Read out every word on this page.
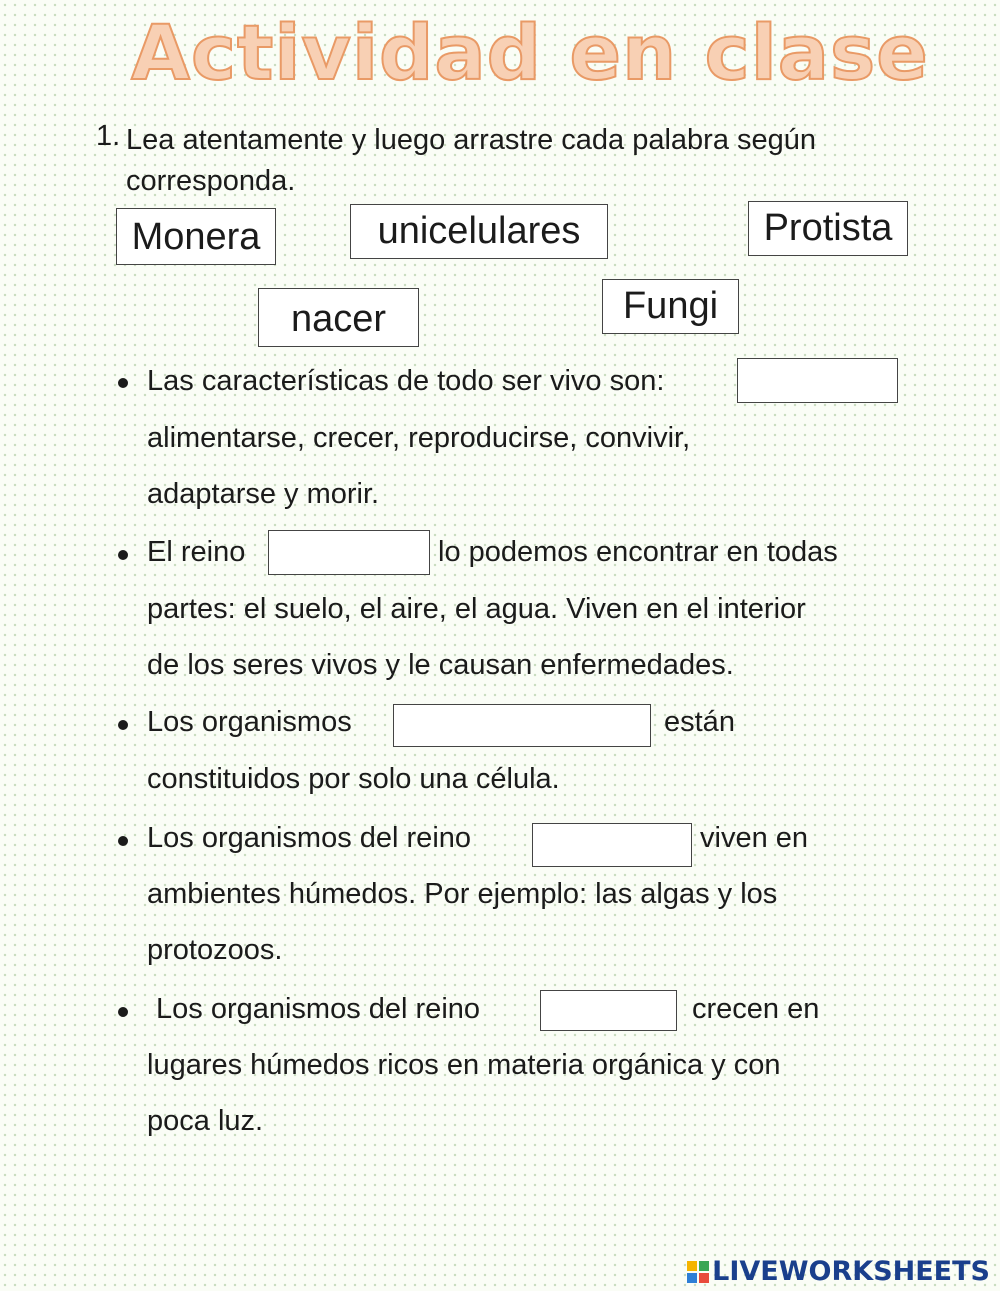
Actividad en clase
1. Lea atentamente y luego arrastre cada palabra según corresponda.
Monera	unicelulares	Protista
nacer	Fungi
Las características de todo ser vivo son:
alimentarse, crecer, reproducirse, convivir,
adaptarse y morir.
El reino	lo podemos encontrar en todas
partes: el suelo, el aire, el agua. Viven en el interior
de los seres vivos y le causan enfermedades.
Los organismos	están
constituidos por solo una célula.
Los organismos del reino	viven en
ambientes húmedos. Por ejemplo: las algas y los
protozoos.
Los organismos del reino	crecen en
lugares húmedos ricos en materia orgánica y con
poca luz.
LIVEWORKSHEETS
